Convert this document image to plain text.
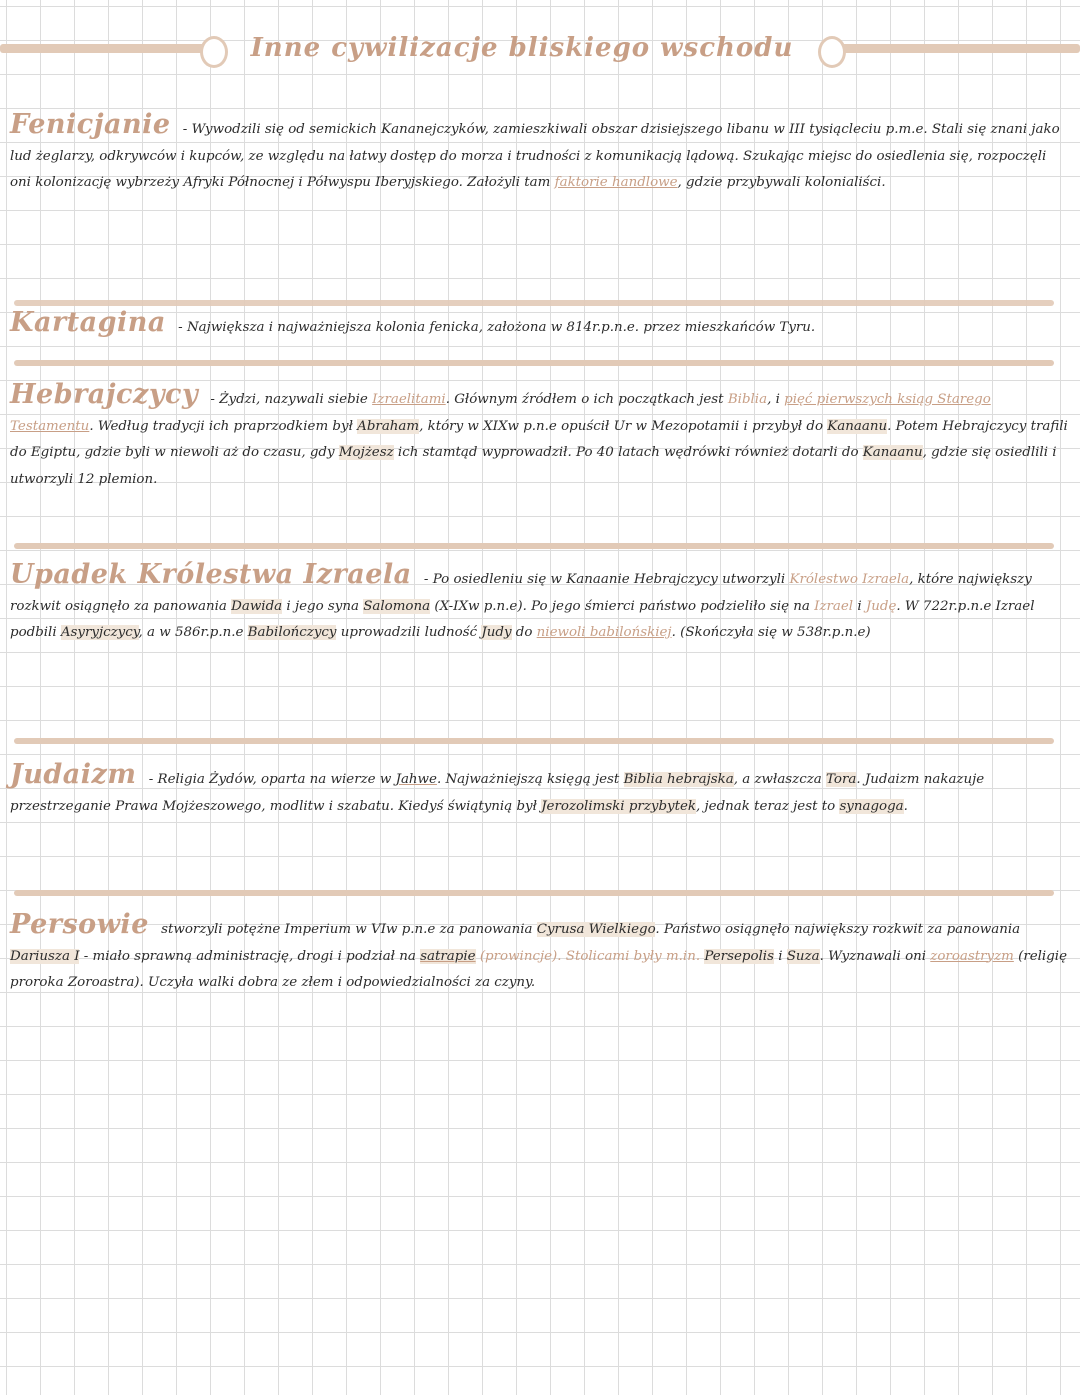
Inne cywilizacje bliskiego wschodu
Fenicjanie - Wywodzili się od semickich Kananejczyków, zamieszkiwali obszar dzisiejszego libanu w III tysiącleciu p.m.e. Stali się znani jako lud żeglarzy, odkrywców i kupców, ze względu na łatwy dostęp do morza i trudności z komunikacją lądową. Szukając miejsc do osiedlenia się, rozpoczęli oni kolonizację wybrzeży Afryki Północnej i Półwyspu Iberyjskiego. Założyli tam faktorie handlowe, gdzie przybywali kolonialiści.
Kartagina - Największa i najważniejsza kolonia fenicka, założona w 814r.p.n.e. przez mieszkańców Tyru.
Hebrajczycy - Żydzi, nazywali siebie Izraelitami. Głównym źródłem o ich początkach jest Biblia, i pięć pierwszych ksiąg Starego Testamentu. Według tradycji ich praprzodkiem był Abraham, który w XIXw p.n.e opuścił Ur w Mezopotamii i przybył do Kanaanu. Potem Hebrajczycy trafili do Egiptu, gdzie byli w niewoli aż do czasu, gdy Mojżesz ich stamtąd wyprowadził. Po 40 latach wędrówki również dotarli do Kanaanu, gdzie się osiedlili i utworzyli 12 plemion.
Upadek Królestwa Izraela - Po osiedleniu się w Kanaanie Hebrajczycy utworzyli Królestwo Izraela, które największy rozkwit osiągnęło za panowania Dawida i jego syna Salomona (X-IXw p.n.e). Po jego śmierci państwo podzieliło się na Izrael i Judę. W 722r.p.n.e Izrael podbili Asyryjczycy, a w 586r.p.n.e Babilończycy uprowadzili ludność Judy do niewoli babilońskiej. (Skończyła się w 538r.p.n.e)
Judaizm - Religia Żydów, oparta na wierze w Jahwe. Najważniejszą księgą jest Biblia hebrajska, a zwłaszcza Tora. Judaizm nakazuje przestrzeganie Prawa Mojżeszowego, modlitw i szabatu. Kiedyś świątynią był Jerozolimski przybytek, jednak teraz jest to synagoga.
Persowie stworzyli potężne Imperium w VIw p.n.e za panowania Cyrusa Wielkiego. Państwo osiągnęło największy rozkwit za panowania Dariusza I - miało sprawną administrację, drogi i podział na satrapie (prowincje). Stolicami były m.in. Persepolis i Suza. Wyznawali oni zoroastryzm (religię proroka Zoroastra). Uczyła walki dobra ze złem i odpowiedzialności za czyny.
